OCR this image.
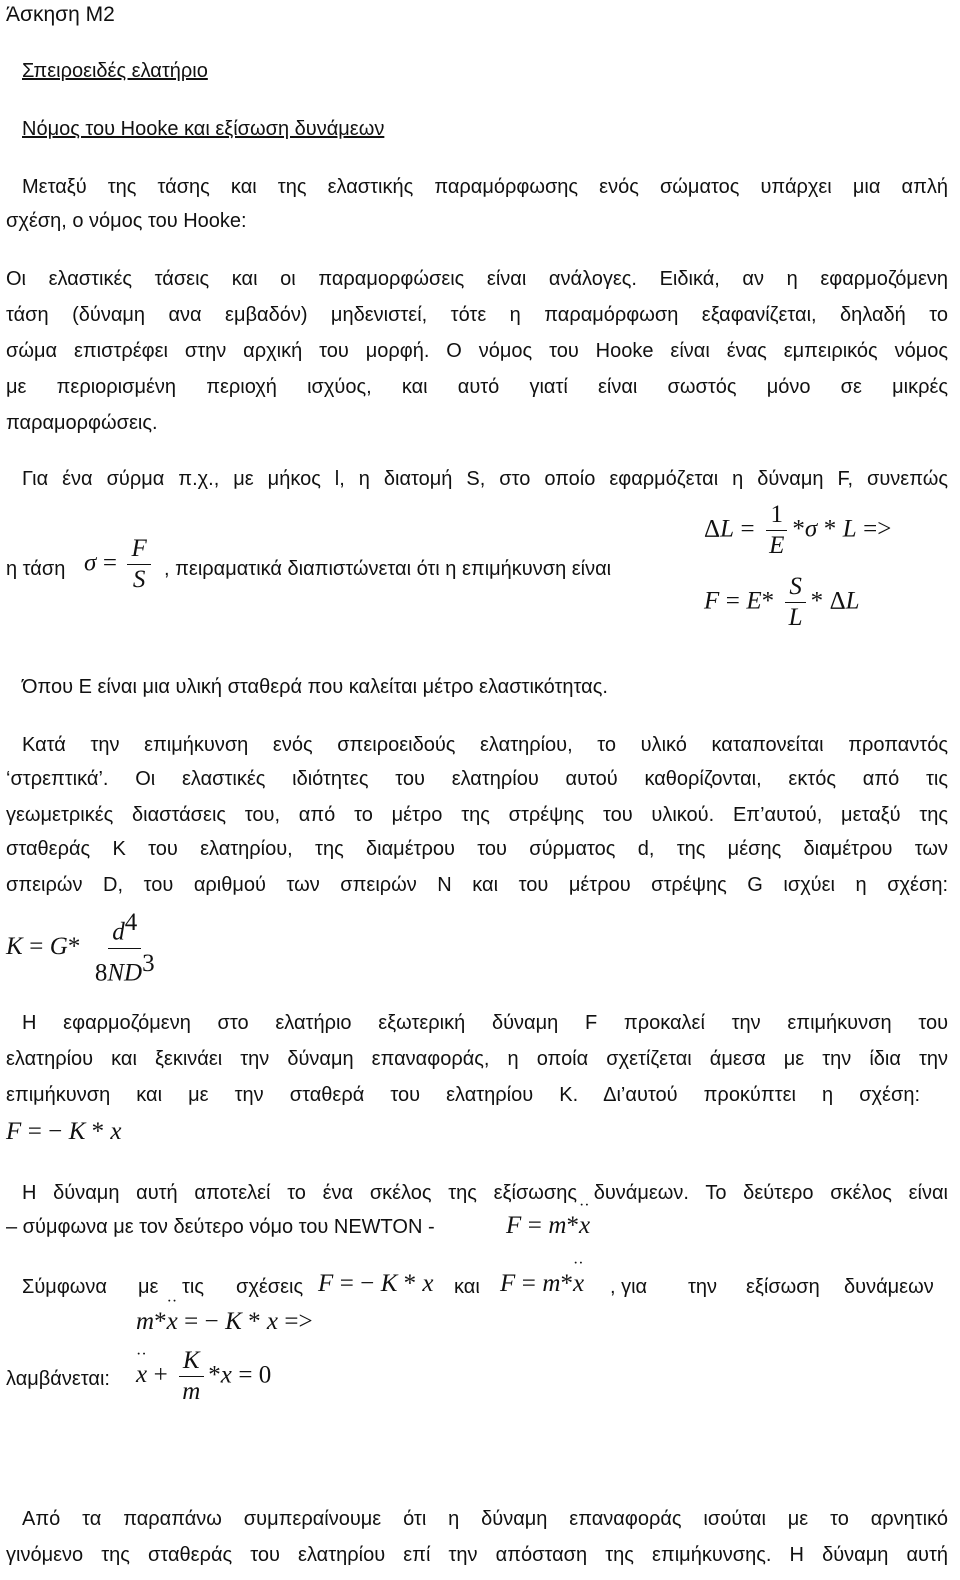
Άσκηση Μ2
Σπειροειδές ελατήριο
Νόμος του Hooke και εξίσωση δυνάμεων
Μεταξύ της τάσης και της ελαστικής παραμόρφωσης ενός σώματος υπάρχει μια απλή
σχέση, ο νόμος του Hooke:
Οι ελαστικές τάσεις και οι παραμορφώσεις είναι ανάλογες. Ειδικά, αν η εφαρμοζόμενη
τάση (δύναμη ανα εμβαδόν) μηδενιστεί, τότε η παραμόρφωση εξαφανίζεται, δηλαδή το
σώμα επιστρέφει στην αρχική του μορφή. Ο νόμος του Hooke είναι ένας εμπειρικός νόμος
με περιορισμένη περιοχή ισχύος, και αυτό γιατί είναι σωστός μόνο σε μικρές
παραμορφώσεις.
Για ένα σύρμα π.χ., με μήκος l, η διατομή S, στο οποίο εφαρμόζεται η δύναμη F, συνεπώς
η τάση $\sigma = \frac{F}{S}$ , πειραματικά διαπιστώνεται ότι η επιμήκυνση είναι
$\Delta L = \frac{1}{E} *\sigma * L$ =>
$F = E* \frac{S}{L} * \Delta L$
Όπου Ε είναι μια υλική σταθερά που καλείται μέτρο ελαστικότητας.
Κατά την επιμήκυνση ενός σπειροειδούς ελατηρίου, το υλικό καταπονείται προπαντός
‘στρεπτικά’. Οι ελαστικές ιδιότητες του ελατηρίου αυτού καθορίζονται, εκτός από τις
γεωμετρικές διαστάσεις του, από το μέτρο της στρέψης του υλικού. Επ’αυτού, μεταξύ της
σταθεράς Κ του ελατηρίου, της διαμέτρου του σύρματος d, της μέσης διαμέτρου των
σπειρών D, του αριθμού των σπειρών Ν και του μέτρου στρέψης G ισχύει η σχέση:
$K = G* \frac{d^4}{8ND^3}$
Η εφαρμοζόμενη στο ελατήριο εξωτερική δύναμη F προκαλεί την επιμήκυνση του
ελατηρίου και ξεκινάει την δύναμη επαναφοράς, η οποία σχετίζεται άμεσα με την ίδια την
επιμήκυνση και με την σταθερά του ελατηρίου Κ. Δι’αυτού προκύπτει η σχέση:
F = − K * x
Η δύναμη αυτή αποτελεί το ένα σκέλος της εξίσωσης δυνάμεων. Το δεύτερο σκέλος είναι
– σύμφωνα με τον δεύτερο νόμο του NEWTON -	F = m*·· x
Σύμφωνα με τις σχέσεις F = − K * x και F = m*·· x , για την εξίσωση δυνάμεων
m*·· x = − K * x =>
λαμβάνεται:
·· $x + \frac{K}{m} *x = 0$
Από τα παραπάνω συμπεραίνουμε ότι η δύναμη επαναφοράς ισούται με το αρνητικό
γινόμενο της σταθεράς του ελατηρίου επί την απόσταση της επιμήκυνσης. Η δύναμη αυτή
